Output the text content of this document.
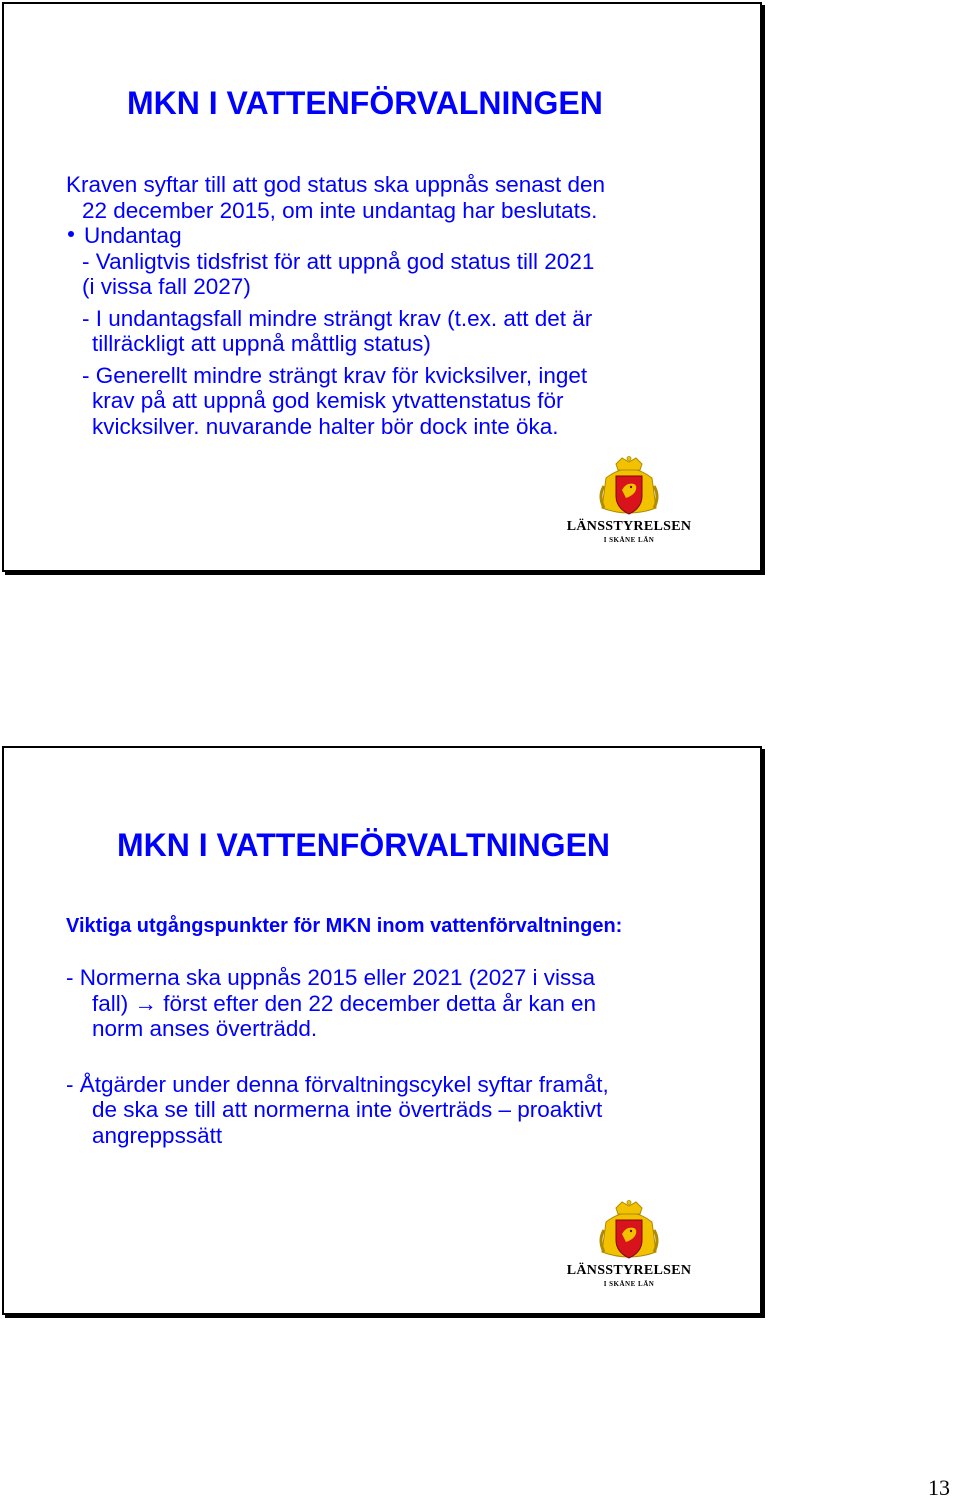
MKN I VATTENFÖRVALNINGEN

Kraven syftar till att god status ska uppnås senast den

22 december 2015, om inte undantag har beslutats.

Undantag

- Vanligtvis tidsfrist för att uppnå god status till 2021

(i vissa fall 2027)

- I undantagsfall mindre strängt krav (t.ex. att det är

tillräckligt att uppnå måttlig status)

- Generellt mindre strängt krav för kvicksilver, inget

krav på att uppnå god kemisk ytvattenstatus för

kvicksilver. nuvarande halter bör dock inte öka.

LÄNSSTYRELSEN
I SKÅNE LÄN
MKN I VATTENFÖRVALTNINGEN

Viktiga utgångspunkter för MKN inom vattenförvaltningen:

- Normerna ska uppnås 2015 eller 2021 (2027 i vissa

fall) → först efter den 22 december detta år kan en

norm anses överträdd.

- Åtgärder under denna förvaltningscykel syftar framåt,

de ska se till att normerna inte överträds – proaktivt

angreppssätt

LÄNSSTYRELSEN
I SKÅNE LÄN
13
